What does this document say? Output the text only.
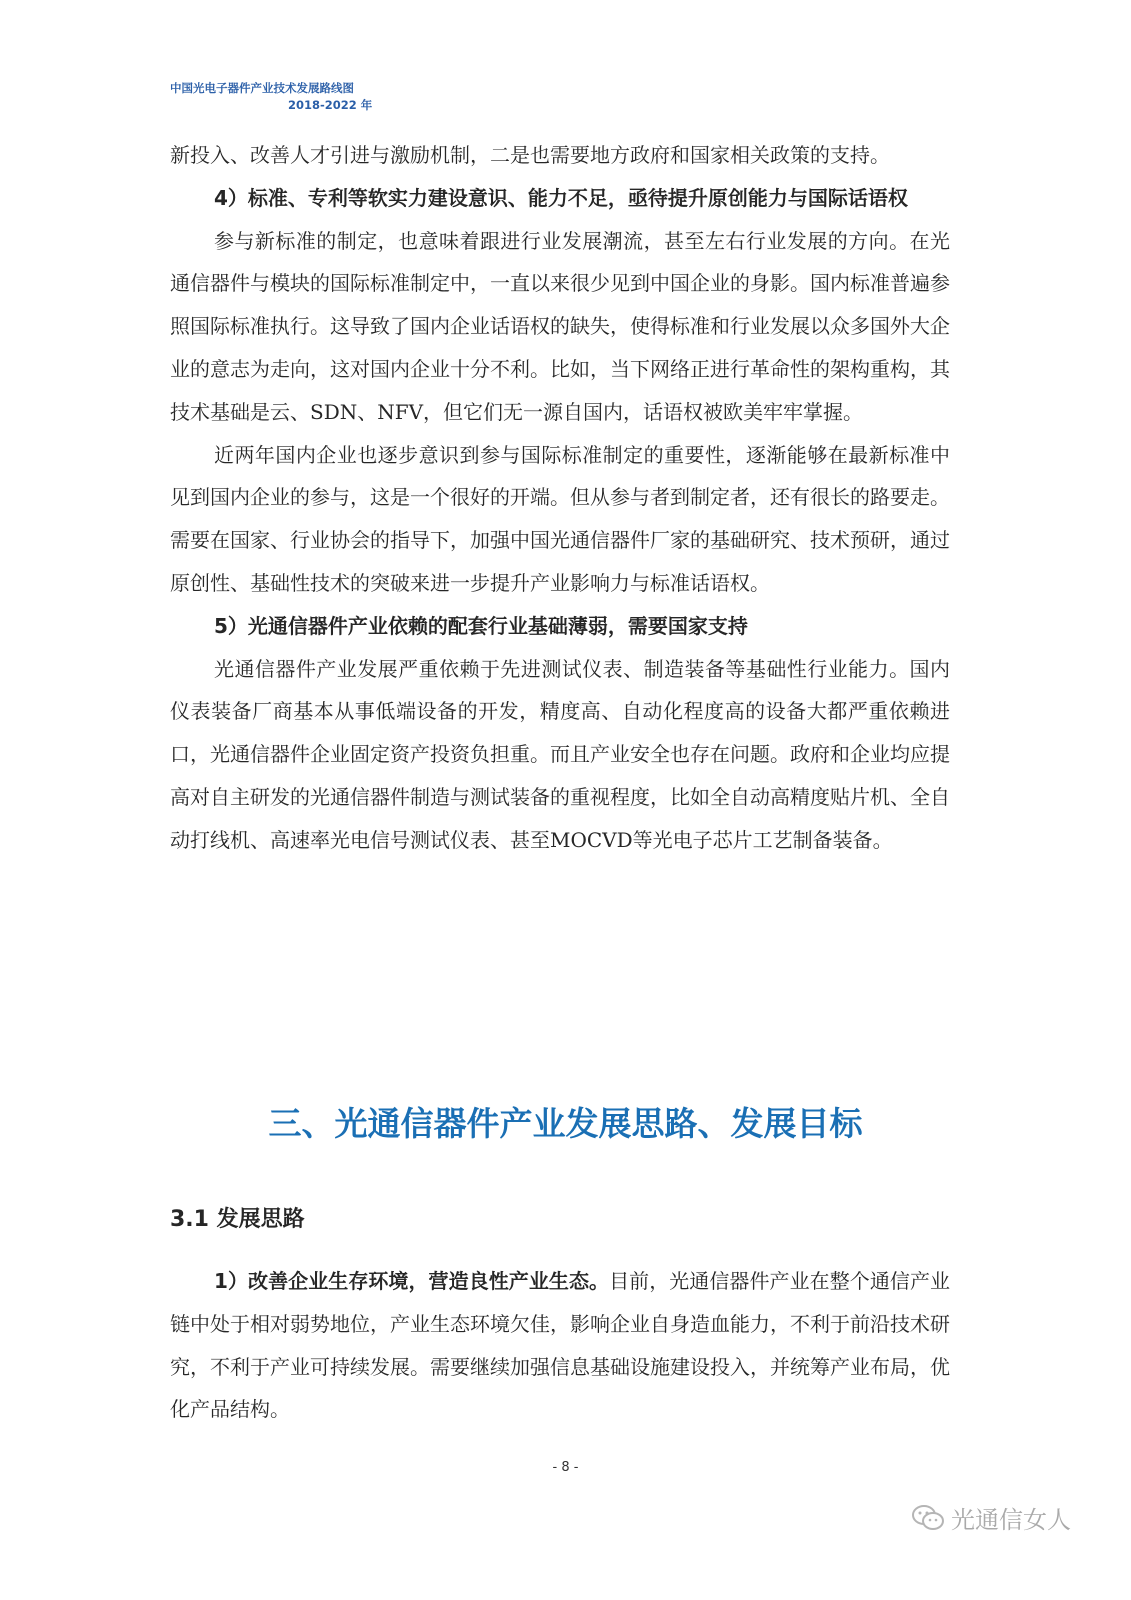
中国光电子器件产业技术发展路线图
2018-2022 年

新投入、改善人才引进与激励机制，二是也需要地方政府和国家相关政策的支持。

4）标准、专利等软实力建设意识、能力不足，亟待提升原创能力与国际话语权

参与新标准的制定，也意味着跟进行业发展潮流，甚至左右行业发展的方向。在光通信器件与模块的国际标准制定中，一直以来很少见到中国企业的身影。国内标准普遍参照国际标准执行。这导致了国内企业话语权的缺失，使得标准和行业发展以众多国外大企业的意志为走向，这对国内企业十分不利。比如，当下网络正进行革命性的架构重构，其技术基础是云、SDN、NFV，但它们无一源自国内，话语权被欧美牢牢掌握。

近两年国内企业也逐步意识到参与国际标准制定的重要性，逐渐能够在最新标准中见到国内企业的参与，这是一个很好的开端。但从参与者到制定者，还有很长的路要走。需要在国家、行业协会的指导下，加强中国光通信器件厂家的基础研究、技术预研，通过原创性、基础性技术的突破来进一步提升产业影响力与标准话语权。

5）光通信器件产业依赖的配套行业基础薄弱，需要国家支持

光通信器件产业发展严重依赖于先进测试仪表、制造装备等基础性行业能力。国内仪表装备厂商基本从事低端设备的开发，精度高、自动化程度高的设备大都严重依赖进口，光通信器件企业固定资产投资负担重。而且产业安全也存在问题。政府和企业均应提高对自主研发的光通信器件制造与测试装备的重视程度，比如全自动高精度贴片机、全自动打线机、高速率光电信号测试仪表、甚至MOCVD等光电子芯片工艺制备装备。

三、光通信器件产业发展思路、发展目标
3.1 发展思路

1）改善企业生存环境，营造良性产业生态。目前，光通信器件产业在整个通信产业链中处于相对弱势地位，产业生态环境欠佳，影响企业自身造血能力，不利于前沿技术研究，不利于产业可持续发展。需要继续加强信息基础设施建设投入，并统筹产业布局，优化产品结构。

- 8 -
光通信女人
